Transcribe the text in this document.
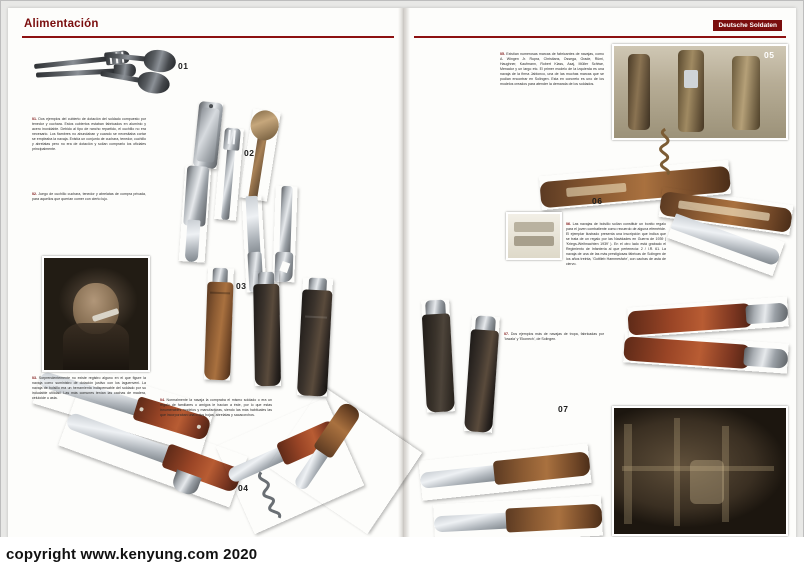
Alimentación	Deutsche Soldaten
01
02
03
04

01. Dos ejemplos del cubierto de dotación del soldado compuesto por tenedor y cuchara. Estos cubiertos estaban fabricados en aluminio y acero inoxidable. Debido al tipo de rancho repartido, el cuchillo no era necesario. Los fiambres no abundaban y cuando se necesitaba cortar se empleaba la navaja. Existía un conjunto de cuchara, tenedor, cuchillo y abrelatas pero no era de dotación y solían comprarlo los oficiales principalmente.

02. Juego de cuchillo cuchara, tenedor y abrelatas de compra privada, para aquellos que querían comer con cierto lujo.

03. Sorprendentemente no existe registro alguno en el que figure la navaja como suministro de dotación justivo con los laguenveni. La navaja de bolsillo era un herramienta indispensable del soldado por su indudable utilidad. Las más comunes tenían las cachas de madera, celuloide u asta.	04. Normalmente la navaja la compraba el mismo soldado o era un regalo de familiares o amigos le hacían a éste, por lo que estas innumerables modelos y manufacturas, siendo las más habituales las que incorporaban una o dos hojas, abrelatas y sacacorchos.

05
06
07

05. Existían numerosas marcas de fabricantes de navajas, como A. Wingen Jr. Rupra, Christians, Ossega, Grade, Rümi, Haughner, Kaufmann, Robert Klass, Asaj, Müller Schiwe, Menador y un largo etc. El primer modelo de la izquierda es una navaja de la firma Jablonco, una de las muchas marcas que se podían encontrar en Solingen. Esta en concreto es uno de los modelos creados para atender la demanda de los soldados.

06. Las navajas de bolsillo solían constituir un bonito regalo para el joven combatiente como recuerdo de alguna efeméride. El ejemplar ilustrado presenta una inscripción que indica que se trata de un regalo por las Navidades en Guerra de 1939 ( 'Kriegs-Weihnachten 1939' ). En el otro lado está grabado el Regimiento de Infantería al que pertenecía: 2 / I.R. 61. La navaja de una de las más prestigiosas fábricas de Solingen de los años treinta, 'Gottlieb Hammesfahr', con cachas de asta de ciervo.

07. Dos ejemplos más de navajas de tropa, fabricadas por 'Iowala' y 'Ekonech', de Solingen.

copyright www.kenyung.com 2020
